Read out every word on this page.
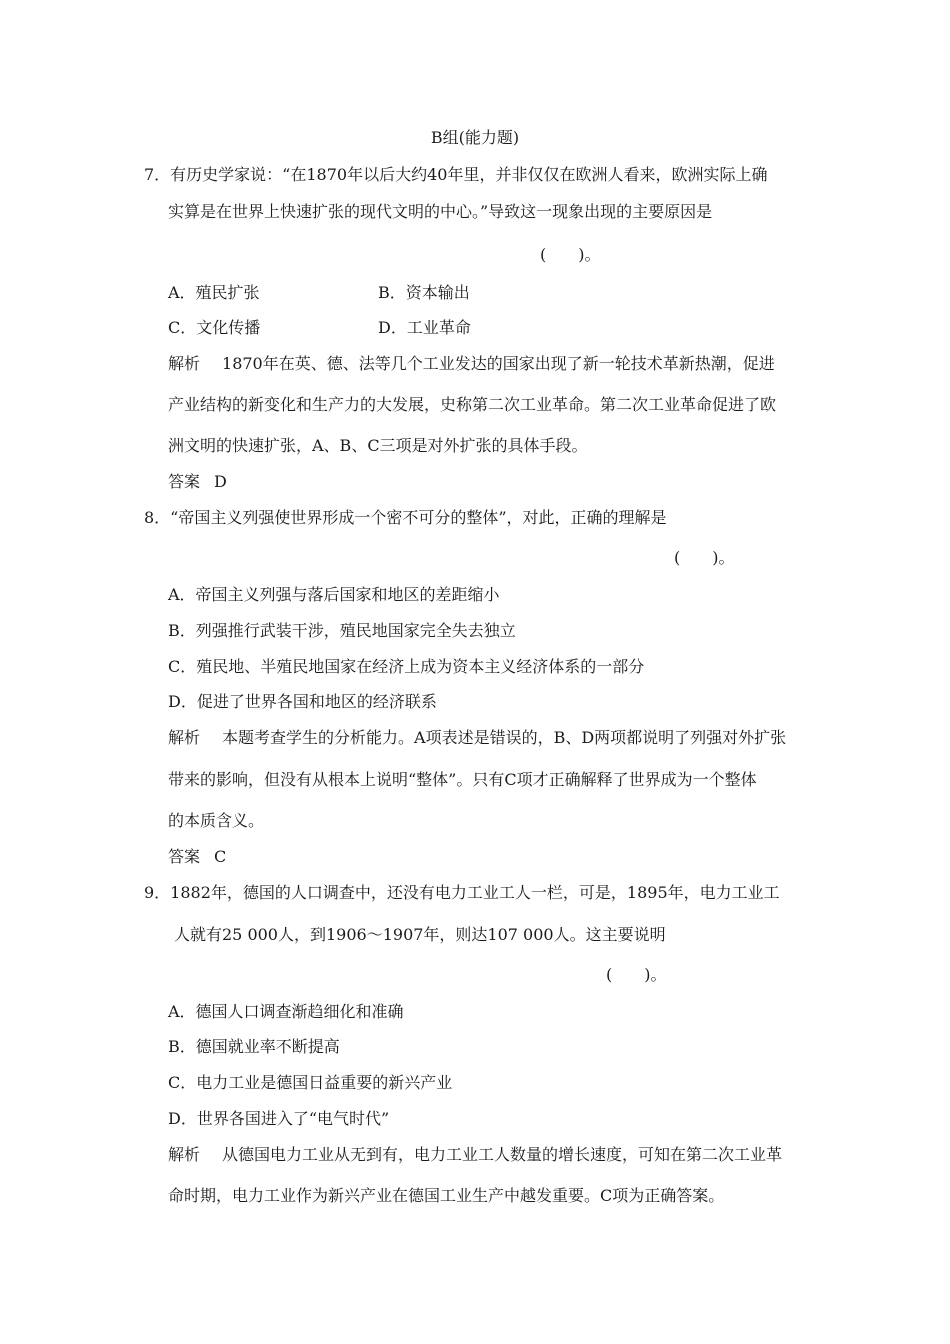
B组(能力题)
7．有历史学家说：“在1870年以后大约40年里，并非仅仅在欧洲人看来，欧洲实际上确
实算是在世界上快速扩张的现代文明的中心。”导致这一现象出现的主要原因是
(　　)。
A．殖民扩张	B．资本输出
C．文化传播	D．工业革命
解析 1870年在英、德、法等几个工业发达的国家出现了新一轮技术革新热潮，促进
产业结构的新变化和生产力的大发展，史称第二次工业革命。第二次工业革命促进了欧
洲文明的快速扩张，A、B、C三项是对外扩张的具体手段。
答案 D
8．“帝国主义列强使世界形成一个密不可分的整体”，对此，正确的理解是
(　　)。
A．帝国主义列强与落后国家和地区的差距缩小
B．列强推行武装干涉，殖民地国家完全失去独立
C．殖民地、半殖民地国家在经济上成为资本主义经济体系的一部分
D．促进了世界各国和地区的经济联系
解析 本题考查学生的分析能力。A项表述是错误的，B、D两项都说明了列强对外扩张
带来的影响，但没有从根本上说明“整体”。只有C项才正确解释了世界成为一个整体
的本质含义。
答案 C
9．1882年，德国的人口调查中，还没有电力工业工人一栏，可是，1895年，电力工业工
人就有25 000人，到1906～1907年，则达107 000人。这主要说明
(　　)。
A．德国人口调查渐趋细化和准确
B．德国就业率不断提高
C．电力工业是德国日益重要的新兴产业
D．世界各国进入了“电气时代”
解析 从德国电力工业从无到有，电力工业工人数量的增长速度，可知在第二次工业革
命时期，电力工业作为新兴产业在德国工业生产中越发重要。C项为正确答案。
